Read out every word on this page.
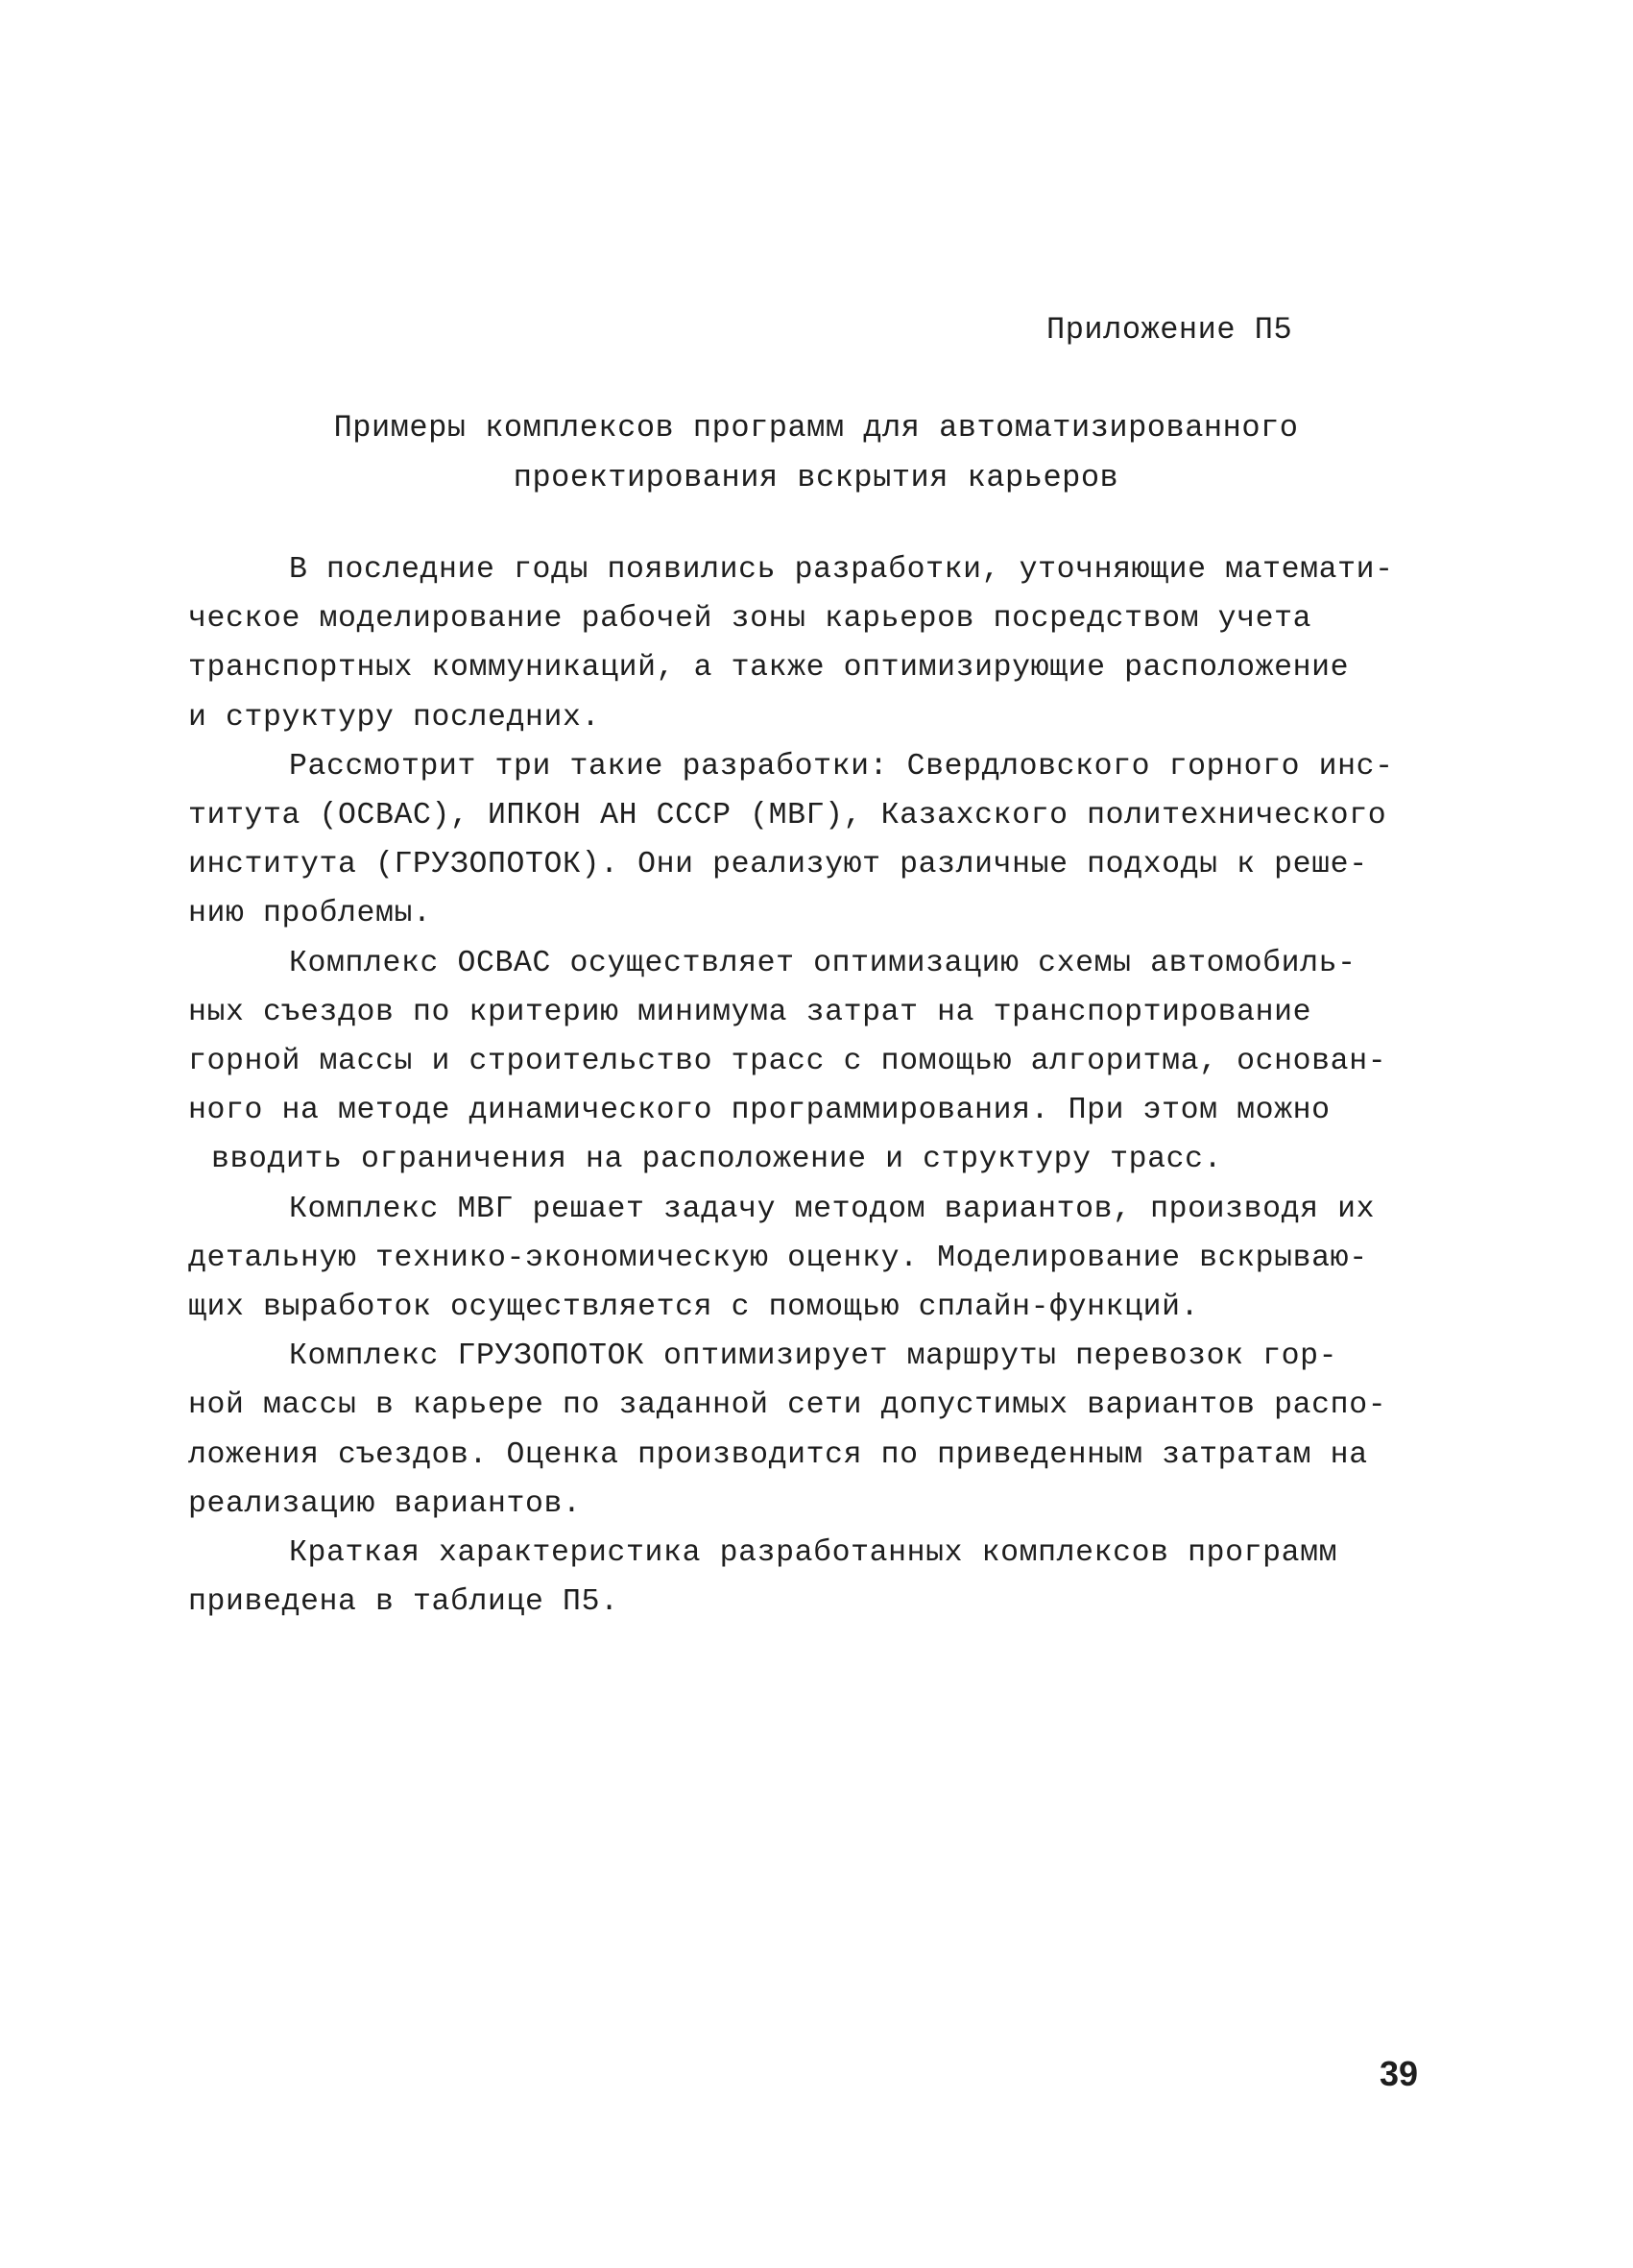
Приложение П5
Примеры комплексов программ для автоматизированного
проектирования вскрытия карьеров
В последние годы появились разработки, уточняющие математи-
ческое моделирование рабочей зоны карьеров посредством учета
транспортных коммуникаций, а также оптимизирующие расположение
и структуру последних.
Рассмотрит три такие разработки: Свердловского горного инс-
титута (ОСВАС), ИПКОН АН СССР (МВГ), Казахского политехнического
института (ГРУЗОПОТОК). Они реализуют различные подходы к реше-
нию проблемы.
Комплекс ОСВАС осуществляет оптимизацию схемы автомобиль-
ных съездов по критерию минимума затрат на транспортирование
горной массы и строительство трасс с помощью алгоритма, основан-
ного на методе динамического программирования. При этом можно
вводить ограничения на расположение и структуру трасс.
Комплекс МВГ решает задачу методом вариантов, производя их
детальную технико-экономическую оценку. Моделирование вскрываю-
щих выработок осуществляется с помощью сплайн-функций.
Комплекс ГРУЗОПОТОК оптимизирует маршруты перевозок гор-
ной массы в карьере по заданной сети допустимых вариантов распо-
ложения съездов. Оценка производится по приведенным затратам на
реализацию вариантов.
Краткая характеристика разработанных комплексов программ
приведена в таблице П5.
39
